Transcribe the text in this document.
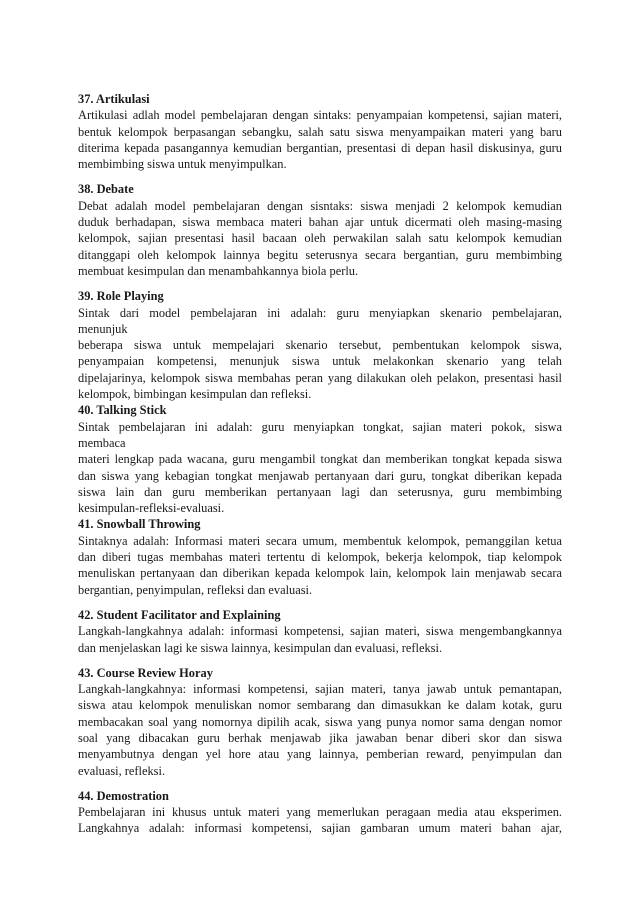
37. Artikulasi
Artikulasi adlah model pembelajaran dengan sintaks: penyampaian kompetensi, sajian materi,
bentuk kelompok berpasangan sebangku, salah satu siswa menyampaikan materi yang baru
diterima kepada pasangannya kemudian bergantian, presentasi di depan hasil diskusinya, guru
membimbing siswa untuk menyimpulkan.
38. Debate
Debat adalah model pembelajaran dengan sisntaks: siswa menjadi 2 kelompok kemudian
duduk berhadapan, siswa membaca materi bahan ajar untuk dicermati oleh masing-masing
kelompok, sajian presentasi hasil bacaan oleh perwakilan salah satu kelompok kemudian
ditanggapi oleh kelompok lainnya begitu seterusnya secara bergantian, guru membimbing
membuat kesimpulan dan menambahkannya biola perlu.
39. Role Playing
Sintak dari model pembelajaran ini adalah: guru menyiapkan skenario pembelajaran,
menunjuk
beberapa siswa untuk mempelajari skenario tersebut, pembentukan kelompok siswa,
penyampaian kompetensi, menunjuk siswa untuk melakonkan skenario yang telah
dipelajarinya, kelompok siswa membahas peran yang dilakukan oleh pelakon, presentasi hasil
kelompok, bimbingan kesimpulan dan refleksi.
40. Talking Stick
Sintak pembelajaran ini adalah: guru menyiapkan tongkat, sajian materi pokok, siswa
membaca
materi lengkap pada wacana, guru mengambil tongkat dan memberikan tongkat kepada siswa
dan siswa yang kebagian tongkat menjawab pertanyaan dari guru, tongkat diberikan kepada
siswa lain dan guru memberikan pertanyaan lagi dan seterusnya, guru membimbing
kesimpulan-refleksi-evaluasi.
41. Snowball Throwing
Sintaknya adalah: Informasi materi secara umum, membentuk kelompok, pemanggilan ketua
dan diberi tugas membahas materi tertentu di kelompok, bekerja kelompok, tiap kelompok
menuliskan pertanyaan dan diberikan kepada kelompok lain, kelompok lain menjawab secara
bergantian, penyimpulan, refleksi dan evaluasi.
42. Student Facilitator and Explaining
Langkah-langkahnya adalah: informasi kompetensi, sajian materi, siswa mengembangkannya
dan menjelaskan lagi ke siswa lainnya, kesimpulan dan evaluasi, refleksi.
43. Course Review Horay
Langkah-langkahnya: informasi kompetensi, sajian materi, tanya jawab untuk pemantapan,
siswa atau kelompok menuliskan nomor sembarang dan dimasukkan ke dalam kotak, guru
membacakan soal yang nomornya dipilih acak, siswa yang punya nomor sama dengan nomor
soal yang dibacakan guru berhak menjawab jika jawaban benar diberi skor dan siswa
menyambutnya dengan yel hore atau yang lainnya, pemberian reward, penyimpulan dan
evaluasi, refleksi.
44. Demostration
Pembelajaran ini khusus untuk materi yang memerlukan peragaan media atau eksperimen.
Langkahnya adalah: informasi kompetensi, sajian gambaran umum materi bahan ajar,
